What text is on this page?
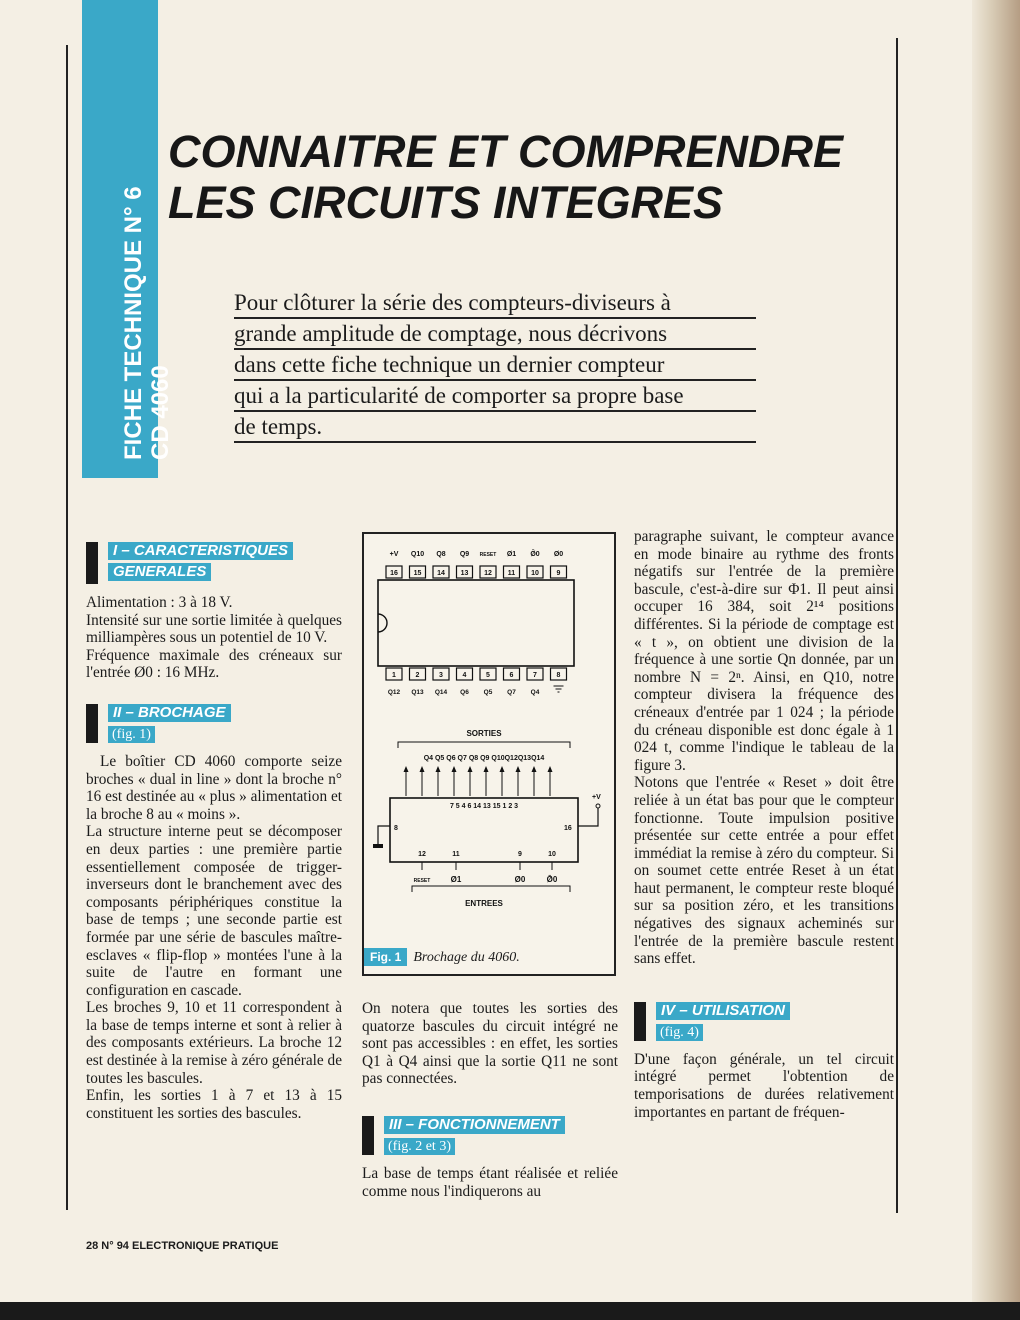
FICHE TECHNIQUE N° 6 CD 4060
CONNAITRE ET COMPRENDRE
LES CIRCUITS INTEGRES
Pour clôturer la série des compteurs-diviseurs à
grande amplitude de comptage, nous décrivons
dans cette fiche technique un dernier compteur
qui a la particularité de comporter sa propre base
de temps.
I – CARACTERISTIQUES
GENERALES

Alimentation : 3 à 18 V.

Intensité sur une sortie limitée à quelques milliampères sous un potentiel de 10 V.

Fréquence maximale des créneaux sur l'entrée Ø0 : 16 MHz.

II – BROCHAGE
(fig. 1)

Le boîtier CD 4060 comporte seize broches « dual in line » dont la broche n° 16 est destinée au « plus » alimentation et la broche 8 au « moins ».

La structure interne peut se décomposer en deux parties : une première partie essentiellement composée de trigger-inverseurs dont le branchement avec des composants périphériques constitue la base de temps ; une seconde partie est formée par une série de bascules maître-esclaves « flip-flop » montées l'une à la suite de l'autre en formant une configuration en cascade.

Les broches 9, 10 et 11 correspondent à la base de temps interne et sont à relier à des composants extérieurs. La broche 12 est destinée à la remise à zéro générale de toutes les bascules.

Enfin, les sorties 1 à 7 et 13 à 15 constituent les sorties des bascules.

+V Q10 Q8 Q9 RESET Ø1 Ø̄0 Ø0
16 15 14 13 12 11 10	9
1	2	3	4	5	6	7	8
Q12 Q13 Q14 Q6 Q5 Q7 Q4
SORTIES
Q4 Q5 Q6 Q7 Q8 Q9 Q10Q12Q13Q14
7 5 4 6 14 13 15 1 2 3
8	16
+V
12
RESET
11
Ø1
9
Ø0
10
Ø̄0
ENTREES
Fig. 1 Brochage du 4060.

On notera que toutes les sorties des quatorze bascules du circuit intégré ne sont pas accessibles : en effet, les sorties Q1 à Q4 ainsi que la sortie Q11 ne sont pas connectées.

III – FONCTIONNEMENT
(fig. 2 et 3)

La base de temps étant réalisée et reliée comme nous l'indiquerons au

paragraphe suivant, le compteur avance en mode binaire au rythme des fronts négatifs sur l'entrée de la première bascule, c'est-à-dire sur Φ1. Il peut ainsi occuper 16 384, soit 2¹⁴ positions différentes. Si la période de comptage est « t », on obtient une division de la fréquence à une sortie Qn donnée, par un nombre N = 2ⁿ. Ainsi, en Q10, notre compteur divisera la fréquence des créneaux d'entrée par 1 024 ; la période du créneau disponible est donc égale à 1 024 t, comme l'indique le tableau de la figure 3.

Notons que l'entrée « Reset » doit être reliée à un état bas pour que le compteur fonctionne. Toute impulsion positive présentée sur cette entrée a pour effet immédiat la remise à zéro du compteur. Si on soumet cette entrée Reset à un état haut permanent, le compteur reste bloqué sur sa position zéro, et les transitions négatives des signaux acheminés sur l'entrée de la première bascule restent sans effet.

IV – UTILISATION
(fig. 4)

D'une façon générale, un tel circuit intégré permet l'obtention de temporisations de durées relativement importantes en partant de fréquen-

28 N° 94 ELECTRONIQUE PRATIQUE
